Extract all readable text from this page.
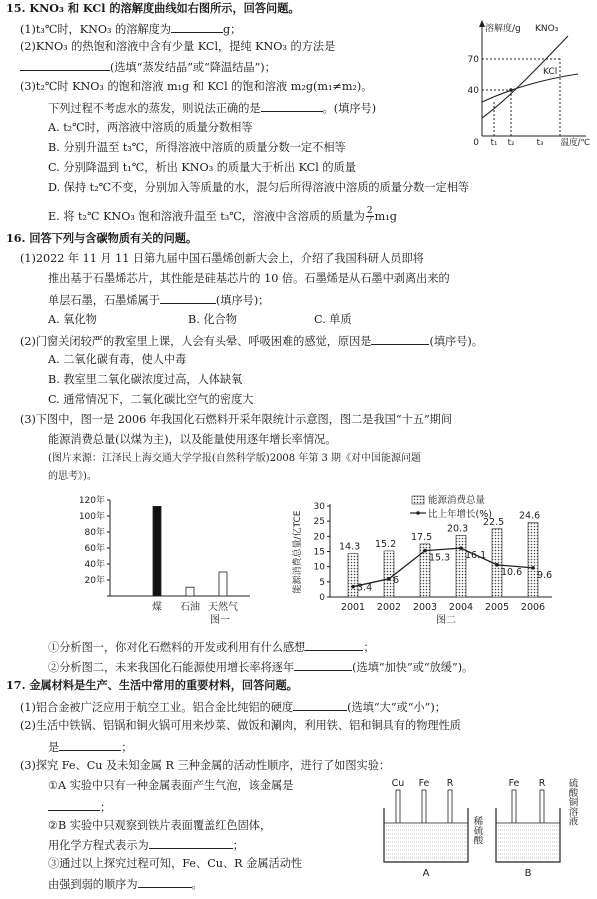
15. KNO₃ 和 KCl 的溶解度曲线如右图所示，回答问题。
(1)t₃℃时，KNO₃ 的溶解度为	g；
(2)KNO₃ 的热饱和溶液中含有少量 KCl，提纯 KNO₃ 的方法是
(选填“蒸发结晶”或“降温结晶”)；
(3)t₂℃时 KNO₃ 的饱和溶液 m₁g 和 KCl 的饱和溶液 m₂g(m₁≠m₂)。
下列过程不考虑水的蒸发，则说法正确的是	。(填序号)
A. t₂℃时，两溶液中溶质的质量分数相等
B. 分别升温至 t₃℃，所得溶液中溶质的质量分数一定不相等
C. 分别降温到 t₁℃，析出 KNO₃ 的质量大于析出 KCl 的质量
D. 保持 t₂℃不变，分别加入等质量的水，混匀后所得溶液中溶质的质量分数一定相等
E. 将 t₂℃ KNO₃ 饱和溶液升温至 t₃℃，溶液中含溶质的质量为 $\frac{2}{7} m_1g$
溶解度/g KNO₃
KCl
70
40
0 t₁ t₂	t₃ 温度/℃
16. 回答下列与含碳物质有关的问题。
(1)2022 年 11 月 11 日第九届中国石墨烯创新大会上，介绍了我国科研人员即将
推出基于石墨烯芯片，其性能是硅基芯片的 10 倍。石墨烯是从石墨中剥离出来的
单层石墨，石墨烯属于	(填序号)；
A. 氧化物	B. 化合物	C. 单质
(2)门窗关闭较严的教室里上课，人会有头晕、呼吸困难的感觉，原因是	(填序号)。
A. 二氧化碳有毒，使人中毒
B. 教室里二氧化碳浓度过高，人体缺氧
C. 通常情况下，二氧化碳比空气的密度大
(3)下图中，图一是 2006 年我国化石燃料开采年限统计示意图，图二是我国“十五”期间
能源消费总量(以煤为主)，以及能量使用逐年增长率情况。
(图片来源：江泽民上海交通大学学报(自然科学版)2008 年第 3 期《对中国能源问题
的思考》)。
20年
40年
60年
80年
100年
120年
煤 石油 天然气
图一
能源消费总量/亿TCE
能源消费总量
比上年增长(%)
0
5
10
15
20
25
30
14.3
2001
15.2
2002
17.5
2003
20.3
2004
22.5
2005
24.6
2006
3.4
6
15.3 16.1
10.6 9.6
图二
①分析图一，你对化石燃料的开发或利用有什么感想	；
②分析图二，未来我国化石能源使用增长率将逐年	(选填“加快”或“放缓”)。
17. 金属材料是生产、生活中常用的重要材料，回答问题。
(1)铝合金被广泛应用于航空工业。铝合金比纯铝的硬度	(选填“大”或“小”)；
(2)生活中铁锅、铝锅和铜火锅可用来炒菜、做饭和涮肉，利用铁、铝和铜具有的物理性质
是	；
(3)探究 Fe、Cu 及未知金属 R 三种金属的活动性顺序，进行了如图实验：
①A 实验中只有一种金属表面产生气泡，该金属是
；
②B 实验中只观察到铁片表面覆盖红色固体，
用化学方程式表示为	；
③通过以上探究过程可知，Fe、Cu、R 金属活动性
由强到弱的顺序为	。
Cu Fe R
A
稀硫酸
Fe R
B
硫酸铜溶液
